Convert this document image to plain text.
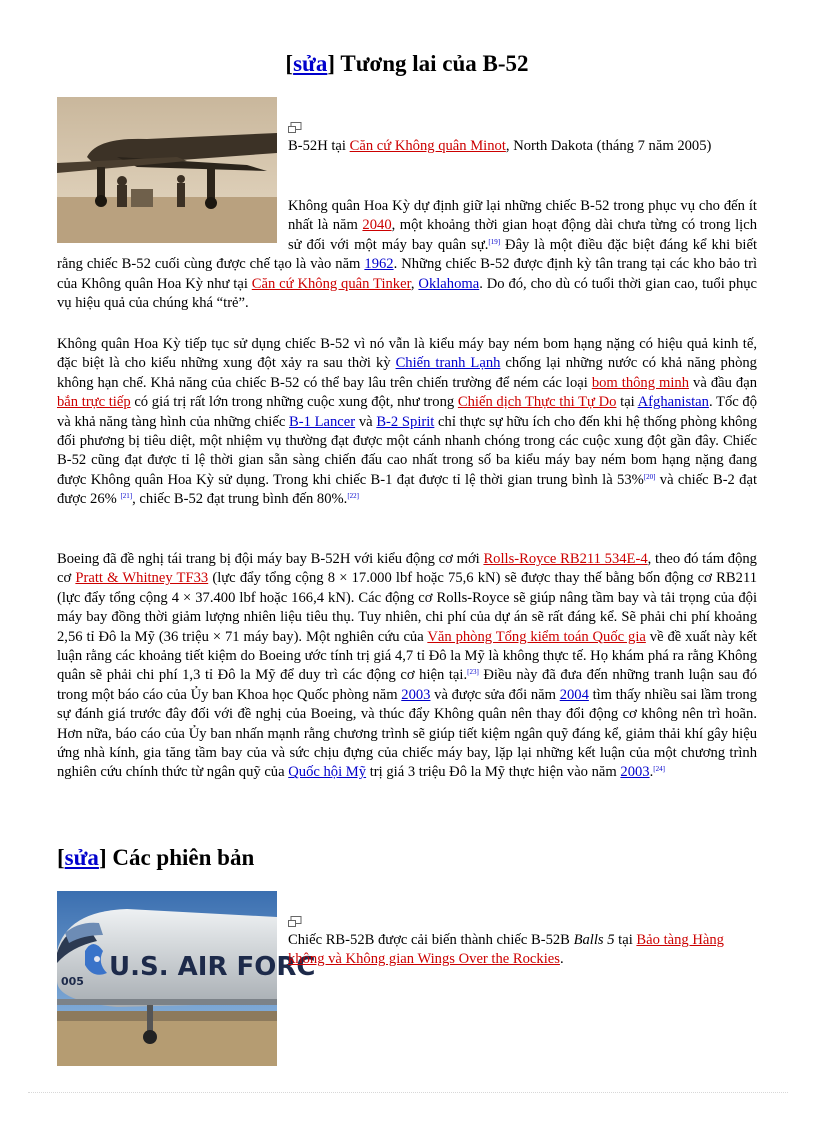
[sửa] Tương lai của B-52
B-52H tại Căn cứ Không quân Minot, North Dakota (tháng 7 năm 2005)
Không quân Hoa Kỳ dự định giữ lại những chiếc B-52 trong phục vụ cho đến ít nhất là năm 2040, một khoảng thời gian hoạt động dài chưa từng có trong lịch sử đối với một máy bay quân sự.[19] Đây là một điều đặc biệt đáng kể khi biết rằng chiếc B-52 cuối cùng được chế tạo là vào năm 1962. Những chiếc B-52 được định kỳ tân trang tại các kho bảo trì của Không quân Hoa Kỳ như tại Căn cứ Không quân Tinker, Oklahoma. Do đó, cho dù có tuổi thời gian cao, tuổi phục vụ hiệu quả của chúng khá “trẻ”.
Không quân Hoa Kỳ tiếp tục sử dụng chiếc B-52 vì nó vẫn là kiểu máy bay ném bom hạng nặng có hiệu quả kinh tế, đặc biệt là cho kiểu những xung đột xảy ra sau thời kỳ Chiến tranh Lạnh chống lại những nước có khả năng phòng không hạn chế. Khả năng của chiếc B-52 có thể bay lâu trên chiến trường để ném các loại bom thông minh và đầu đạn bắn trực tiếp có giá trị rất lớn trong những cuộc xung đột, như trong Chiến dịch Thực thi Tự Do tại Afghanistan. Tốc độ và khả năng tàng hình của những chiếc B-1 Lancer và B-2 Spirit chỉ thực sự hữu ích cho đến khi hệ thống phòng không đối phương bị tiêu diệt, một nhiệm vụ thường đạt được một cánh nhanh chóng trong các cuộc xung đột gần đây. Chiếc B-52 cũng đạt được tỉ lệ thời gian sẵn sàng chiến đấu cao nhất trong số ba kiểu máy bay ném bom hạng nặng đang được Không quân Hoa Kỳ sử dụng. Trong khi chiếc B-1 đạt được tỉ lệ thời gian trung bình là 53%[20] và chiếc B-2 đạt được 26% [21], chiếc B-52 đạt trung bình đến 80%.[22]
Boeing đã đề nghị tái trang bị đội máy bay B-52H với kiểu động cơ mới Rolls-Royce RB211 534E-4, theo đó tám động cơ Pratt & Whitney TF33 (lực đẩy tổng cộng 8 × 17.000 lbf hoặc 75,6 kN) sẽ được thay thế bằng bốn động cơ RB211 (lực đẩy tổng cộng 4 × 37.400 lbf hoặc 166,4 kN). Các động cơ Rolls-Royce sẽ giúp nâng tầm bay và tải trọng của đội máy bay đồng thời giảm lượng nhiên liệu tiêu thụ. Tuy nhiên, chi phí của dự án sẽ rất đáng kể. Sẽ phải chi phí khoảng 2,56 tỉ Đô la Mỹ (36 triệu × 71 máy bay). Một nghiên cứu của Văn phòng Tổng kiểm toán Quốc gia về đề xuất này kết luận rằng các khoảng tiết kiệm do Boeing ước tính trị giá 4,7 tỉ Đô la Mỹ là không thực tế. Họ khám phá ra rằng Không quân sẽ phải chi phí 1,3 tỉ Đô la Mỹ để duy trì các động cơ hiện tại.[23] Điều này đã đưa đến những tranh luận sau đó trong một báo cáo của Ủy ban Khoa học Quốc phòng năm 2003 và được sửa đổi năm 2004 tìm thấy nhiều sai lầm trong sự đánh giá trước đây đối với đề nghị của Boeing, và thúc đẩy Không quân nên thay đổi động cơ không nên trì hoãn. Hơn nữa, báo cáo của Ủy ban nhấn mạnh rằng chương trình sẽ giúp tiết kiệm ngân quỹ đáng kể, giảm thải khí gây hiệu ứng nhà kính, gia tăng tầm bay của và sức chịu đựng của chiếc máy bay, lặp lại những kết luận của một chương trình nghiên cứu chính thức từ ngân quỹ của Quốc hội Mỹ trị giá 3 triệu Đô la Mỹ thực hiện vào năm 2003.[24]
[sửa] Các phiên bản
U.S. AIR FORC
005
Chiếc RB-52B được cải biến thành chiếc B-52B Balls 5 tại Bảo tàng Hàng không và Không gian Wings Over the Rockies.
